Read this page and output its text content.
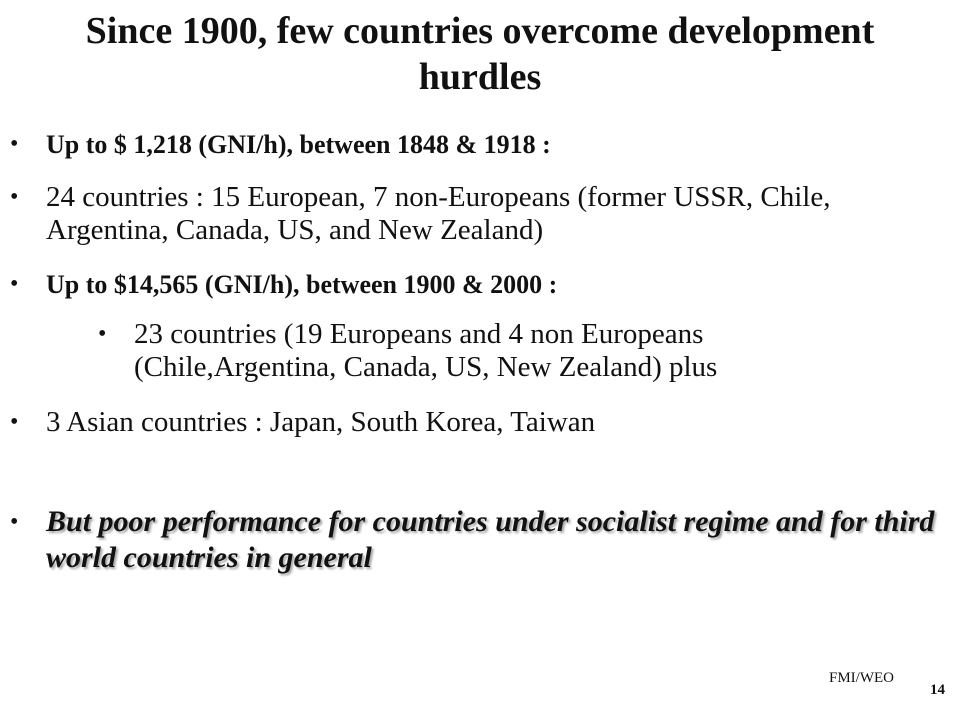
Since 1900, few countries overcome development hurdles
• Up to $ 1,218 (GNI/h), between 1848 & 1918 :
• 24 countries : 15 European, 7 non-Europeans (former USSR, Chile, Argentina, Canada, US, and New Zealand)
• Up to $14,565 (GNI/h), between 1900 & 2000 :
• 23 countries (19 Europeans and 4 non Europeans (Chile,Argentina, Canada, US, New Zealand) plus
• 3 Asian countries : Japan, South Korea, Taiwan
• But poor performance for countries under socialist regime and for third world countries in general
FMI/WEO
14
